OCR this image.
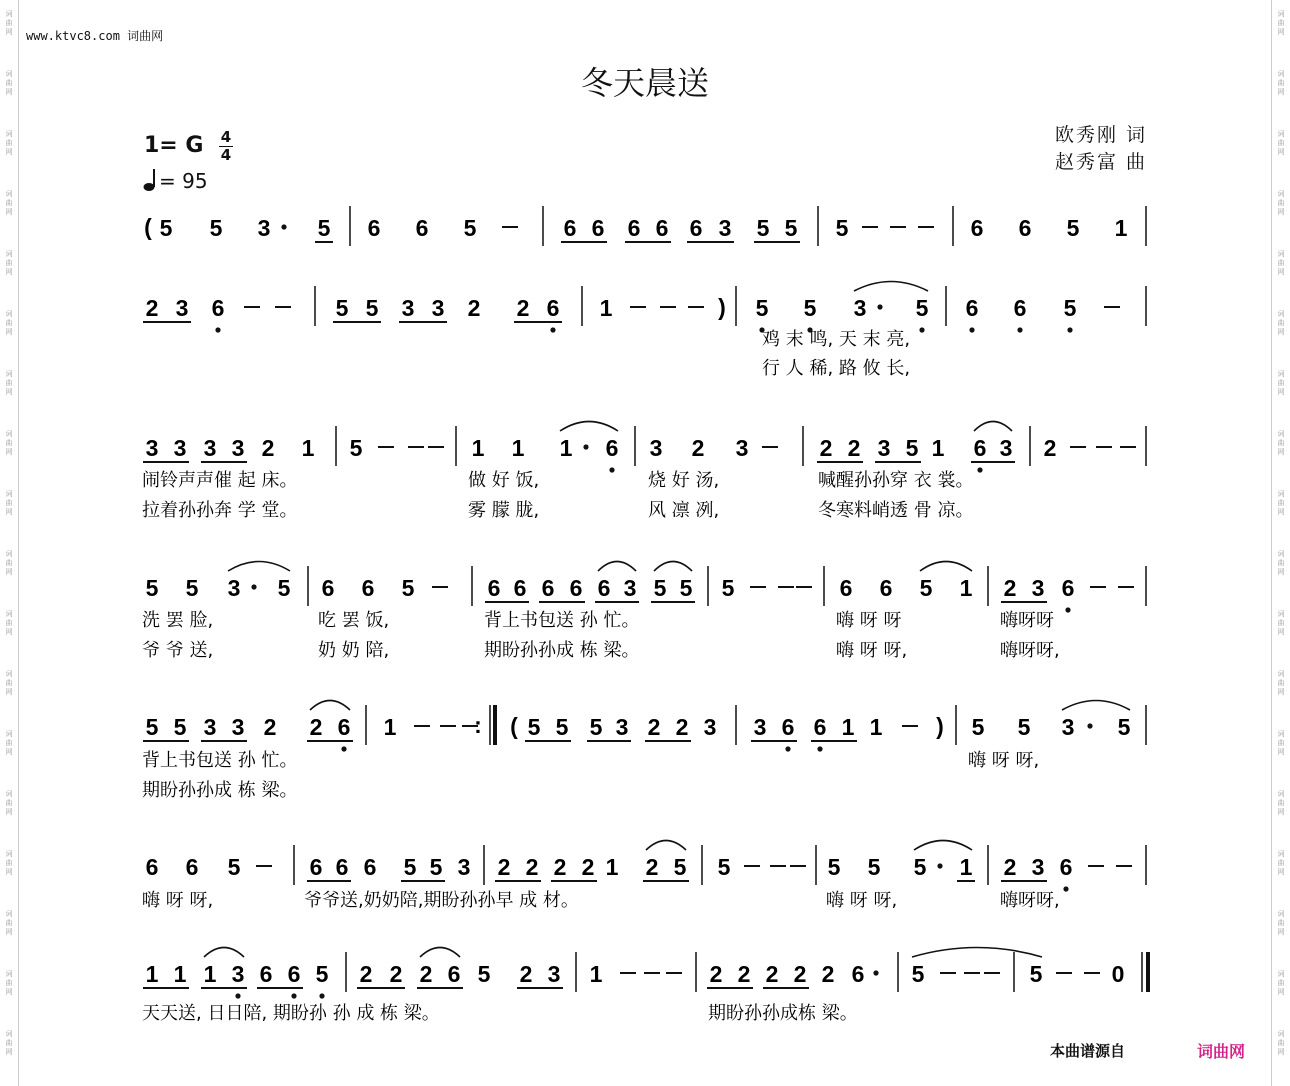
词
曲
网
词
曲
网
词
曲
网
词
曲
网
词
曲
网
词
曲
网
词
曲
网
词
曲
网
词
曲
网
词
曲
网
词
曲
网
词
曲
网
词
曲
网
词
曲
网
词
曲
网
词
曲
网
词
曲
网
词
曲
网
词
曲
网
词
曲
网
词
曲
网
词
曲
网
词
曲
网
词
曲
网
词
曲
网
词
曲
网
词
曲
网
词
曲
网
词
曲
网
词
曲
网
词
曲
网
词
曲
网
词
曲
网
词
曲
网
词
曲
网
词
曲
网
www.ktvc8.com 词曲网
冬天晨送
1= G 4
4
= 95
欧秀刚 词
赵秀富 曲
( 5 5 3 5 6 6 5	6 6 6 6 6 3 5 5 5	6 6 5 1
2 3 6	5 5 3 3 2 2 6 1	) 5 5 3 5 6 6 5
鸡 末 鸣, 天 末 亮,
行 人 稀, 路 攸 长,
3 3 3 3 2 1 5	1 1 1 6 3 2 3	2 2 3 5 1 6 3 2
闹铃声声催 起 床。	做 好 饭,	烧 好 汤,	喊醒孙孙穿 衣 裳。
拉着孙孙奔 学 堂。	雾 朦 胧,	风 凛 冽,	冬寒料峭透 骨 凉。
5 5 3 5 6 6 5	6 6 6 6 6 3 5 5 5	6 6 5 1 2 3 6
洗 罢 脸,	吃 罢 饭,	背上书包送 孙 忙。	嗨 呀 呀	嗨呀呀
爷 爷 送,	奶 奶 陪,	期盼孙孙成 栋 梁。	嗨 呀 呀,	嗨呀呀,
5 5 3 3 2 2 6 1	: ( 5 5 5 3 2 2 3 3 6 6 1 1 ) 5 5 3 5
背上书包送 孙 忙。
期盼孙孙成 栋 梁。
嗨 呀 呀,
6 6 5	6 6 6 5 5 3 2 2 2 2 1 2 5 5	5 5 5 1 2 3 6
嗨 呀 呀,	爷爷送,奶奶陪,期盼孙孙早 成 材。	嗨 呀 呀,	嗨呀呀,
1 1 1 3 6 6 5 2 2 2 6 5 2 3 1	2 2 2 2 2 6 5	5	0
天天送, 日日陪, 期盼孙 孙 成 栋 梁。	期盼孙孙成栋 梁。
本曲谱源自	词曲网
